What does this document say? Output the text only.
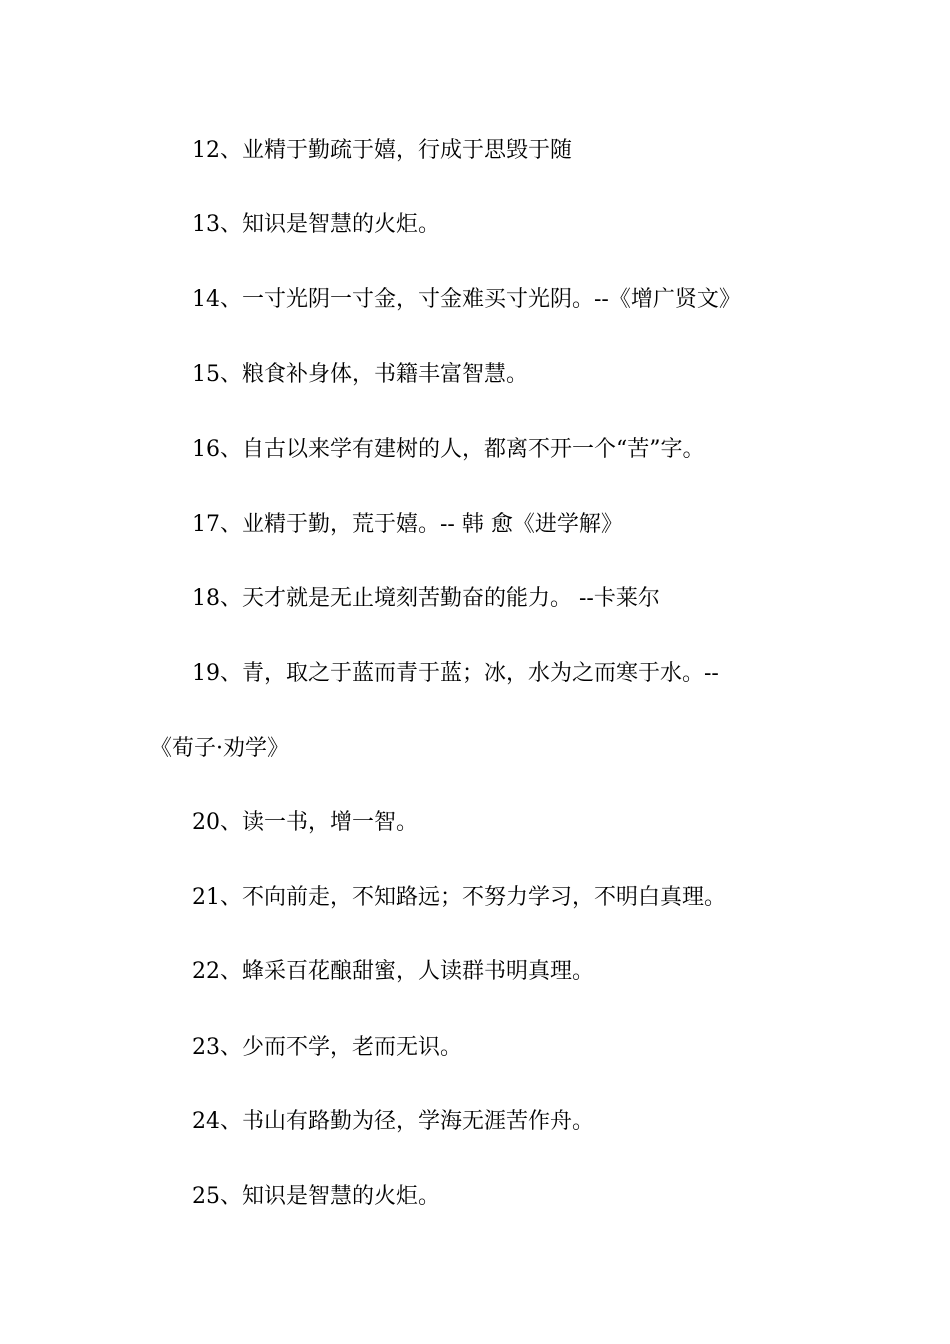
12、业精于勤疏于嬉，行成于思毁于随
13、知识是智慧的火炬。
14、一寸光阴一寸金，寸金难买寸光阴。--《增广贤文》
15、粮食补身体，书籍丰富智慧。
16、自古以来学有建树的人，都离不开一个“苦”字。
17、业精于勤，荒于嬉。-- 韩 愈《进学解》
18、天才就是无止境刻苦勤奋的能力。 --卡莱尔
19、青，取之于蓝而青于蓝；冰，水为之而寒于水。--
《荀子·劝学》
20、读一书，增一智。
21、不向前走，不知路远；不努力学习，不明白真理。
22、蜂采百花酿甜蜜，人读群书明真理。
23、少而不学，老而无识。
24、书山有路勤为径，学海无涯苦作舟。
25、知识是智慧的火炬。
